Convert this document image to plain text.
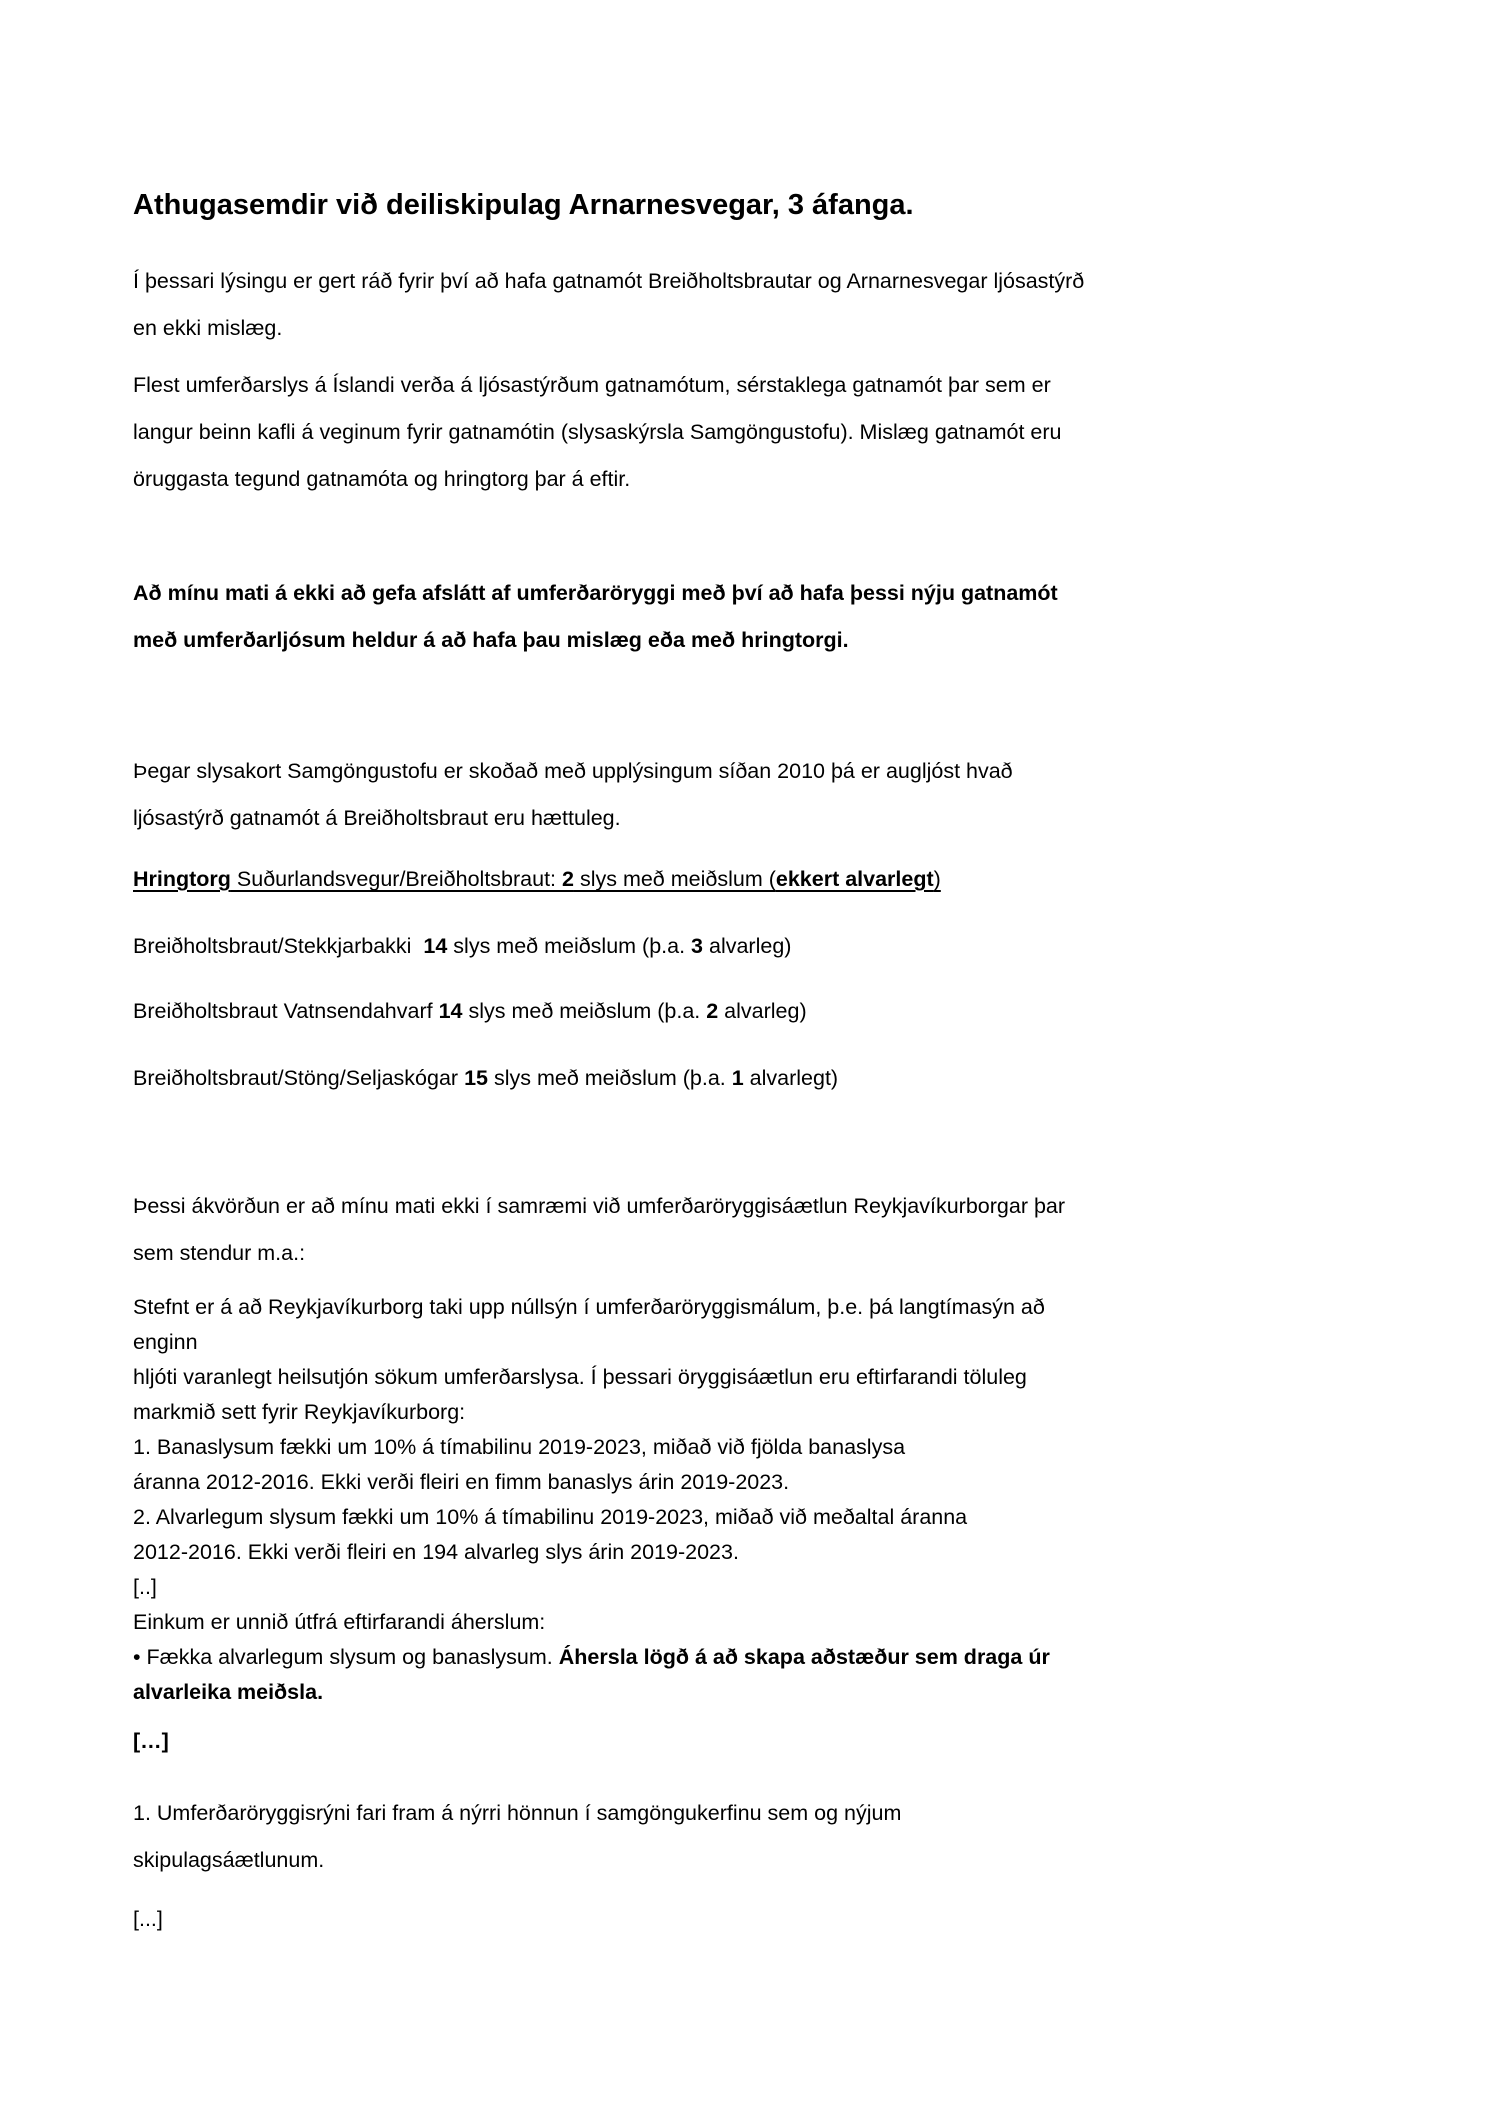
Athugasemdir við deiliskipulag Arnarnesvegar, 3 áfanga.

Í þessari lýsingu er gert ráð fyrir því að hafa gatnamót Breiðholtsbrautar og Arnarnesvegar ljósastýrð en ekki mislæg.

Flest umferðarslys á Íslandi verða á ljósastýrðum gatnamótum, sérstaklega gatnamót þar sem er langur beinn kafli á veginum fyrir gatnamótin (slysaskýrsla Samgöngustofu). Mislæg gatnamót eru öruggasta tegund gatnamóta og hringtorg þar á eftir.

Að mínu mati á ekki að gefa afslátt af umferðaröryggi með því að hafa þessi nýju gatnamót með umferðarljósum heldur á að hafa þau mislæg eða með hringtorgi.

Þegar slysakort Samgöngustofu er skoðað með upplýsingum síðan 2010 þá er augljóst hvað ljósastýrð gatnamót á Breiðholtsbraut eru hættuleg.

Hringtorg Suðurlandsvegur/Breiðholtsbraut: 2 slys með meiðslum (ekkert alvarlegt)

Breiðholtsbraut/Stekkjarbakki  14 slys með meiðslum (þ.a. 3 alvarleg)

Breiðholtsbraut Vatnsendahvarf 14 slys með meiðslum (þ.a. 2 alvarleg)

Breiðholtsbraut/Stöng/Seljaskógar 15 slys með meiðslum (þ.a. 1 alvarlegt)

Þessi ákvörðun er að mínu mati ekki í samræmi við umferðaröryggisáætlun Reykjavíkurborgar þar sem stendur m.a.:

Stefnt er á að Reykjavíkurborg taki upp núllsýn í umferðaröryggismálum, þ.e. þá langtímasýn að
enginn
hljóti varanlegt heilsutjón sökum umferðarslysa. Í þessari öryggisáætlun eru eftirfarandi töluleg
markmið sett fyrir Reykjavíkurborg:
1. Banaslysum fækki um 10% á tímabilinu 2019-2023, miðað við fjölda banaslysa
áranna 2012-2016. Ekki verði fleiri en fimm banaslys árin 2019-2023.
2. Alvarlegum slysum fækki um 10% á tímabilinu 2019-2023, miðað við meðaltal áranna
2012-2016. Ekki verði fleiri en 194 alvarleg slys árin 2019-2023.
[..]
Einkum er unnið útfrá eftirfarandi áherslum:
• Fækka alvarlegum slysum og banaslysum. Áhersla lögð á að skapa aðstæður sem draga úr
alvarleika meiðsla.

[…]

1. Umferðaröryggisrýni fari fram á nýrri hönnun í samgöngukerfinu sem og nýjum skipulagsáætlunum.

[...]
